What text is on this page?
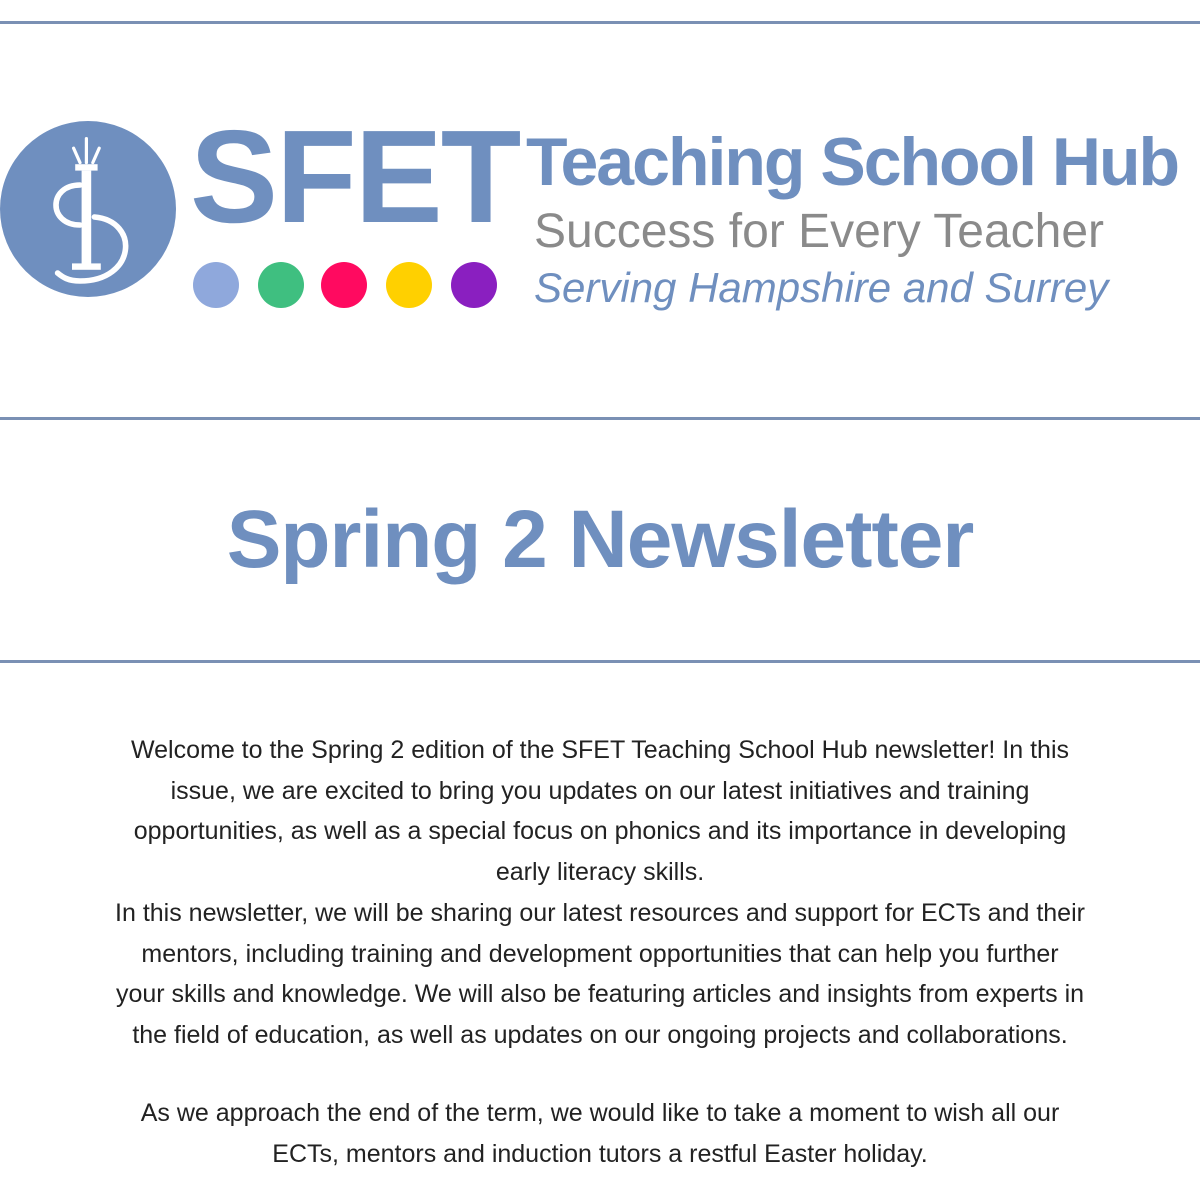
SFET Teaching School Hub
Success for Every Teacher
Serving Hampshire and Surrey
Spring 2 Newsletter
Welcome to the Spring 2 edition of the SFET Teaching School Hub newsletter! In this
issue, we are excited to bring you updates on our latest initiatives and training
opportunities, as well as a special focus on phonics and its importance in developing
early literacy skills.
In this newsletter, we will be sharing our latest resources and support for ECTs and their
mentors, including training and development opportunities that can help you further
your skills and knowledge. We will also be featuring articles and insights from experts in
the field of education, as well as updates on our ongoing projects and collaborations.
As we approach the end of the term, we would like to take a moment to wish all our
ECTs, mentors and induction tutors a restful Easter holiday.
